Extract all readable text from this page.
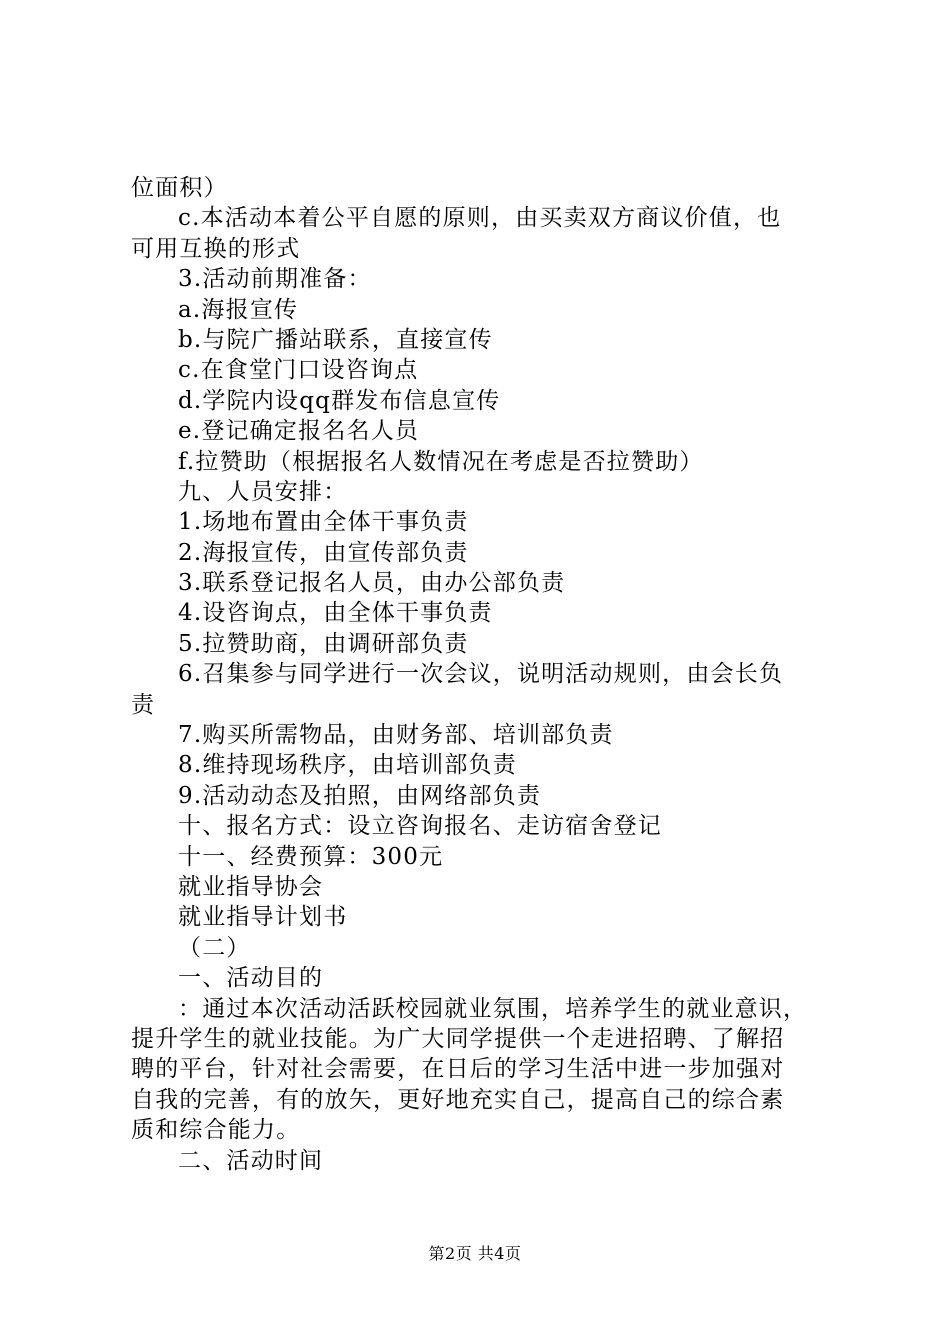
位面积）
c.本活动本着公平自愿的原则，由买卖双方商议价值，也
可用互换的形式
3.活动前期准备：
a.海报宣传
b.与院广播站联系，直接宣传
c.在食堂门口设咨询点
d.学院内设qq群发布信息宣传
e.登记确定报名名人员
f.拉赞助（根据报名人数情况在考虑是否拉赞助）
九、人员安排：
1.场地布置由全体干事负责
2.海报宣传，由宣传部负责
3.联系登记报名人员，由办公部负责
4.设咨询点，由全体干事负责
5.拉赞助商，由调研部负责
6.召集参与同学进行一次会议，说明活动规则，由会长负
责
7.购买所需物品，由财务部、培训部负责
8.维持现场秩序，由培训部负责
9.活动动态及拍照，由网络部负责
十、报名方式：设立咨询报名、走访宿舍登记
十一、经费预算：300元
就业指导协会
就业指导计划书
（二）
一、活动目的
：通过本次活动活跃校园就业氛围，培养学生的就业意识，
提升学生的就业技能。为广大同学提供一个走进招聘、了解招
聘的平台，针对社会需要，在日后的学习生活中进一步加强对
自我的完善，有的放矢，更好地充实自己，提高自己的综合素
质和综合能力。
二、活动时间
第2页 共4页
